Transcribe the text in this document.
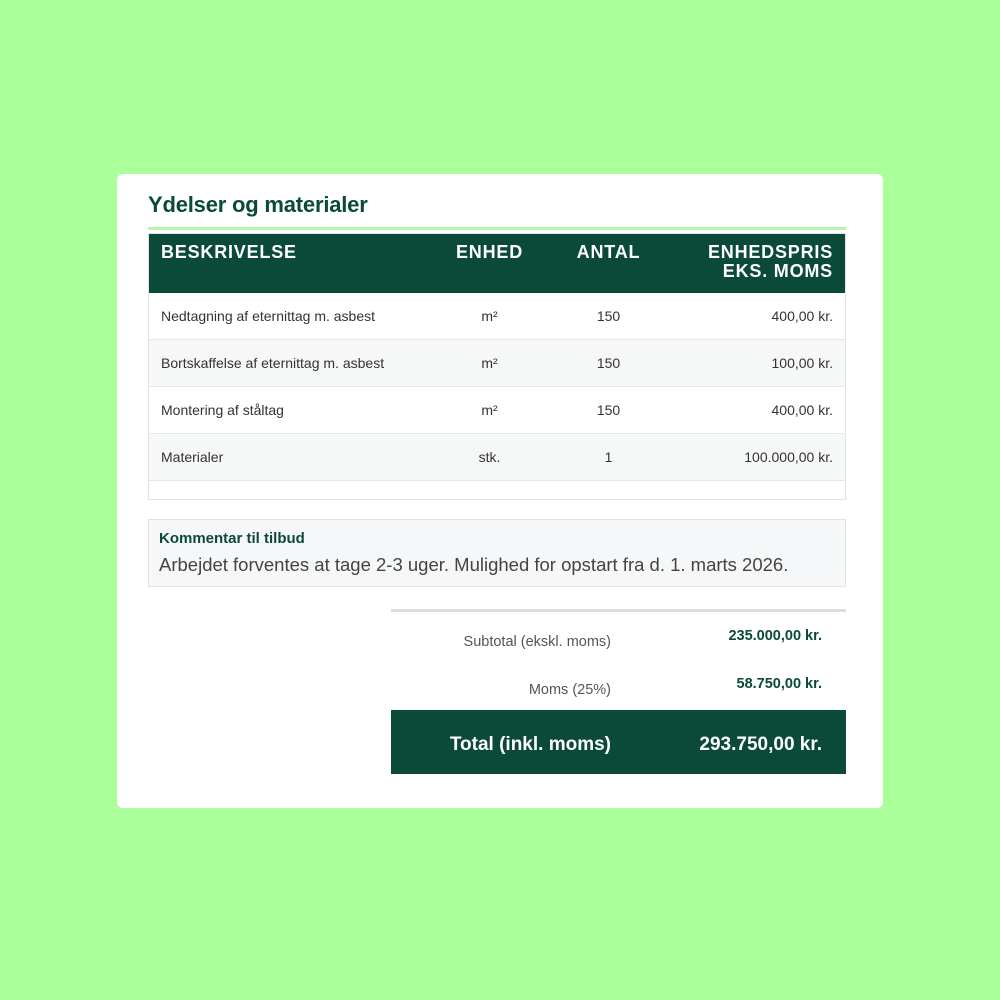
Ydelser og materialer
BESKRIVELSE	ENHED	ANTAL	ENHEDSPRIS
EKS. MOMS
Nedtagning af eternittag m. asbest	m²	150	400,00 kr.
Bortskaffelse af eternittag m. asbest	m²	150	100,00 kr.
Montering af ståltag	m²	150	400,00 kr.
Materialer	stk.	1	100.000,00 kr.

Kommentar til tilbud
Arbejdet forventes at tage 2-3 uger. Mulighed for opstart fra d. 1. marts 2026.
Subtotal (ekskl. moms)	235.000,00 kr.
Moms (25%)	58.750,00 kr.
Total (inkl. moms)	293.750,00 kr.
